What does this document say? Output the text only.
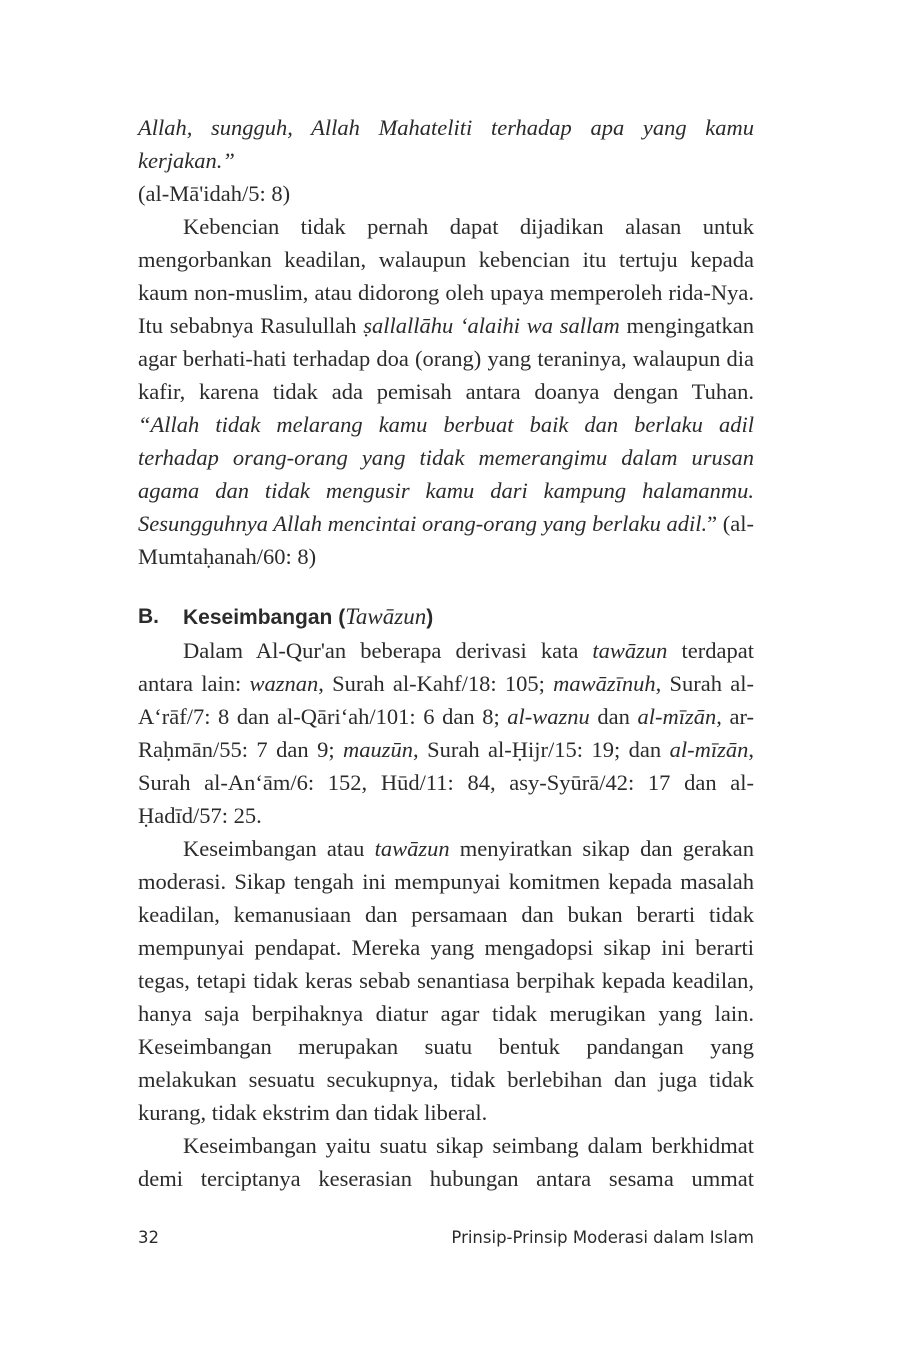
Allah, sungguh, Allah Mahateliti terhadap apa yang kamu kerjakan.”
(al-Mā'idah/5: 8)

Kebencian tidak pernah dapat dijadikan alasan untuk mengorbankan keadilan, walaupun kebencian itu tertuju kepada kaum non-muslim, atau didorong oleh upaya memperoleh rida-Nya. Itu sebabnya Rasulullah ṣallallāhu ‘alaihi wa sallam mengingatkan agar berhati-hati terhadap doa (orang) yang teraninya, walaupun dia kafir, karena tidak ada pemisah antara doanya dengan Tuhan. “Allah tidak melarang kamu berbuat baik dan berlaku adil terhadap orang-orang yang tidak memerangimu dalam urusan agama dan tidak mengusir kamu dari kampung halamanmu. Sesungguhnya Allah mencintai orang-orang yang berlaku adil.” (al-Mumtaḥanah/60: 8)

B.	Keseimbangan (Tawāzun)

Dalam Al-Qur'an beberapa derivasi kata tawāzun terdapat antara lain: waznan, Surah al-Kahf/18: 105; mawāzīnuh, Surah al-A‘rāf/7: 8 dan al-Qāri‘ah/101: 6 dan 8; al-waznu dan al-mīzān, ar-Raḥmān/55: 7 dan 9; mauzūn, Surah al-Ḥijr/15: 19; dan al-mīzān, Surah al-An‘ām/6: 152, Hūd/11: 84, asy-Syūrā/42: 17 dan al-Ḥadīd/57: 25.

Keseimbangan atau tawāzun menyiratkan sikap dan gerakan moderasi. Sikap tengah ini mempunyai komitmen kepada masalah keadilan, kemanusiaan dan persamaan dan bukan berarti tidak mempunyai pendapat. Mereka yang mengadopsi sikap ini berarti tegas, tetapi tidak keras sebab senantiasa berpihak kepada keadilan, hanya saja berpihaknya diatur agar tidak merugikan yang lain. Keseimbangan merupakan suatu bentuk pandangan yang melakukan sesuatu secukupnya, tidak berlebihan dan juga tidak kurang, tidak ekstrim dan tidak liberal.

Keseimbangan yaitu suatu sikap seimbang dalam berkhidmat demi terciptanya keserasian hubungan antara sesama ummat

32	Prinsip-Prinsip Moderasi dalam Islam
